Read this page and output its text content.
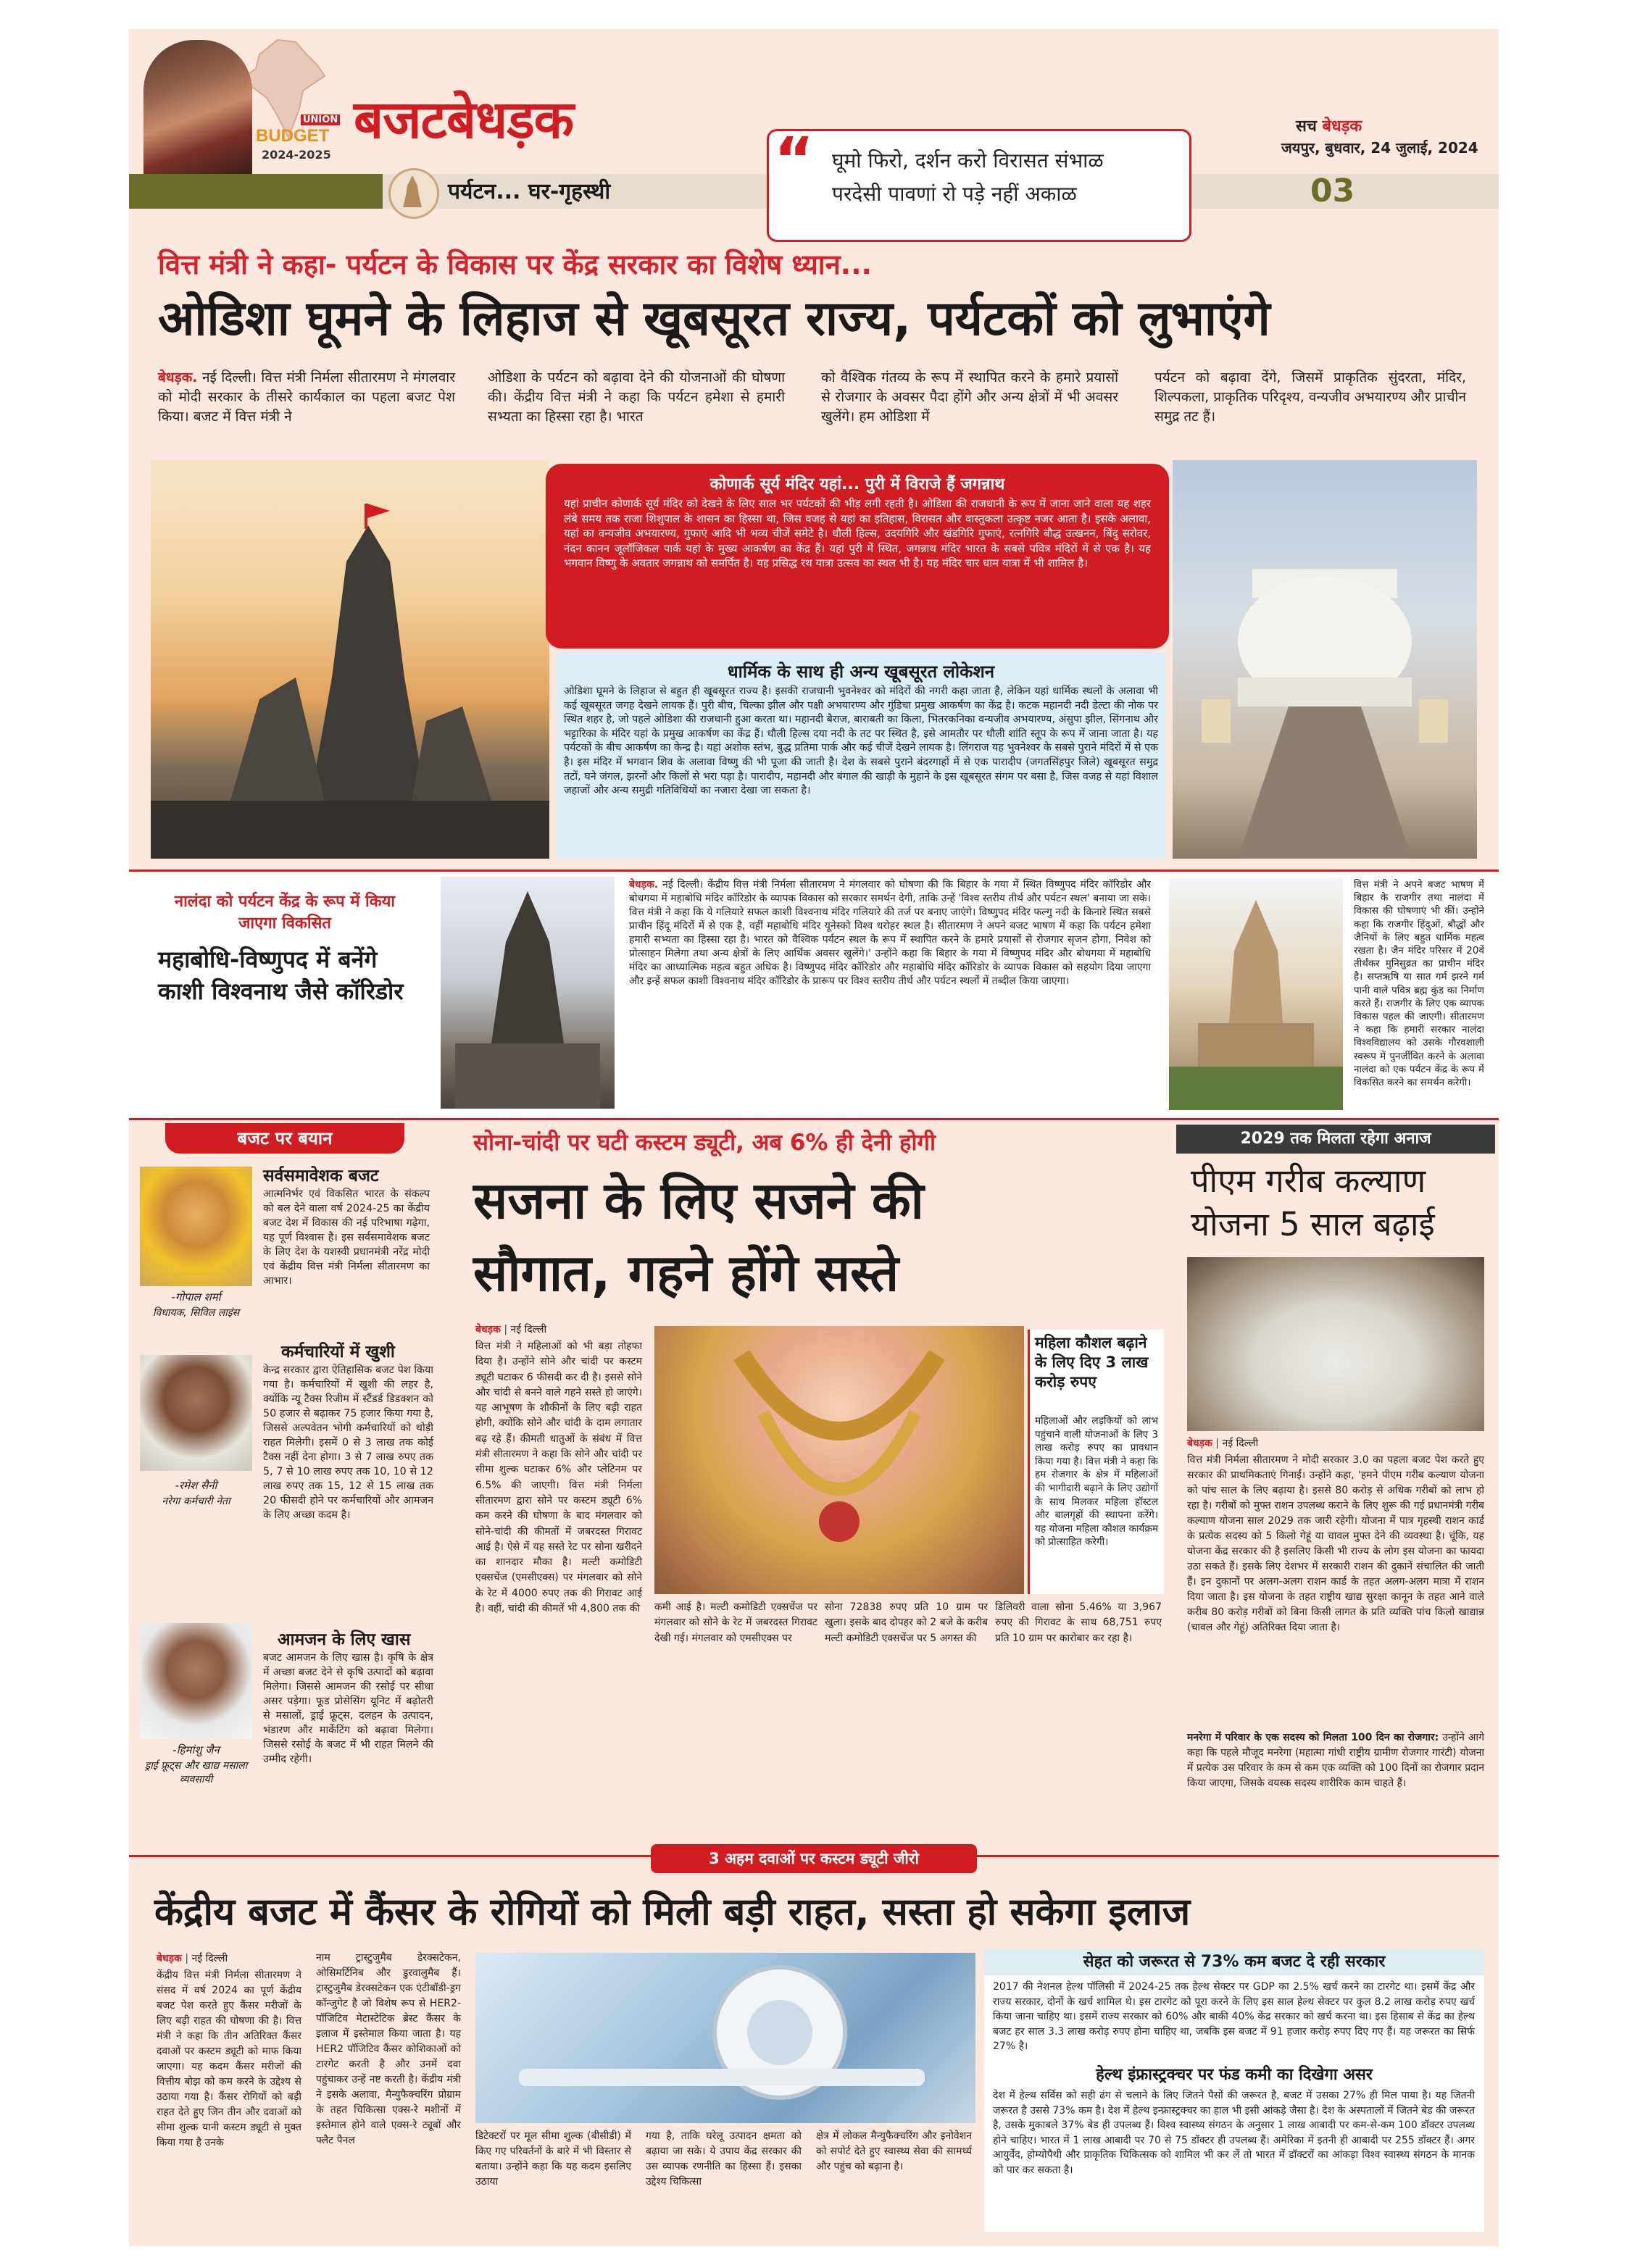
UNION
BUDGET
2024-2025
बजटबेधड़क
पर्यटन... घर-गृहस्थी	“ घूमो फिरो, दर्शन करो विरासत संभाळ
परदेसी पावणां रो पड़े नहीं अकाळ
सच बेधड़क
जयपुर, बुधवार, 24 जुलाई, 2024
03
वित्त मंत्री ने कहा- पर्यटन के विकास पर केंद्र सरकार का विशेष ध्यान...
ओडिशा घूमने के लिहाज से खूबसूरत राज्य, पर्यटकों को लुभाएंगे
बेधड़क. नई दिल्ली। वित्त मंत्री निर्मला सीतारमण ने मंगलवार को मोदी सरकार के तीसरे कार्यकाल का पहला बजट पेश किया। बजट में वित्त मंत्री ने
ओडिशा के पर्यटन को बढ़ावा देने की योजनाओं की घोषणा की। केंद्रीय वित्त मंत्री ने कहा कि पर्यटन हमेशा से हमारी सभ्यता का हिस्सा रहा है। भारत
को वैश्विक गंतव्य के रूप में स्थापित करने के हमारे प्रयासों से रोजगार के अवसर पैदा होंगे और अन्य क्षेत्रों में भी अवसर खुलेंगे। हम ओडिशा में
पर्यटन को बढ़ावा देंगे, जिसमें प्राकृतिक सुंदरता, मंदिर, शिल्पकला, प्राकृतिक परिदृश्य, वन्यजीव अभयारण्य और प्राचीन समुद्र तट हैं।
कोणार्क सूर्य मंदिर यहां... पुरी में विराजे हैं जगन्नाथ
यहां प्राचीन कोणार्क सूर्य मंदिर को देखने के लिए साल भर पर्यटकों की भीड़ लगी रहती है। ओडिशा की राजधानी के रूप में जाना जाने वाला यह शहर लंबे समय तक राजा शिशुपाल के शासन का हिस्सा था, जिस वजह से यहां का इतिहास, विरासत और वास्तुकला उत्कृष्ट नजर आता है। इसके अलावा, यहां का वन्यजीव अभयारण्य, गुफाएं आदि भी भव्य चीजें समेटे है। धौली हिल्स, उदयगिरि और खंडगिरि गुफाएं, रत्नगिरि बौद्ध उत्खनन, बिंदु सरोवर, नंदन कानन जूलॉजिकल पार्क यहां के मुख्य आकर्षण का केंद्र हैं। यहां पुरी में स्थित, जगन्नाथ मंदिर भारत के सबसे पवित्र मंदिरों में से एक है। यह भगवान विष्णु के अवतार जगन्नाथ को समर्पित है। यह प्रसिद्ध रथ यात्रा उत्सव का स्थल भी है। यह मंदिर चार धाम यात्रा में भी शामिल है।
धार्मिक के साथ ही अन्य खूबसूरत लोकेशन
ओडिशा घूमने के लिहाज से बहुत ही खूबसूरत राज्य है। इसकी राजधानी भुवनेश्वर को मंदिरों की नगरी कहा जाता है, लेकिन यहां धार्मिक स्थलों के अलावा भी कई खूबसूरत जगह देखने लायक हैं। पुरी बीच, चिल्का झील और पक्षी अभयारण्य और गुंडिचा प्रमुख आकर्षण का केंद्र है। कटक महानदी नदी डेल्टा की नोक पर स्थित शहर है, जो पहले ओडिशा की राजधानी हुआ करता था। महानदी बैराज, बाराबती का किला, भितरकनिका वन्यजीव अभयारण्य, अंसुपा झील, सिंगनाथ और भट्टारिका के मंदिर यहां के प्रमुख आकर्षण का केंद्र हैं। धौली हिल्स दया नदी के तट पर स्थित है, इसे आमतौर पर धौली शांति स्तूप के रूप में जाना जाता है। यह पर्यटकों के बीच आकर्षण का केन्द्र है। यहां अशोक स्तंभ, बुद्ध प्रतिमा पार्क और कई चीजें देखने लायक है। लिंगराज यह भुवनेश्वर के सबसे पुराने मंदिरों में से एक है। इस मंदिर में भगवान शिव के अलावा विष्णु की भी पूजा की जाती है। देश के सबसे पुराने बंदरगाहों में से एक पारादीप (जगतसिंहपुर जिले) खूबसूरत समुद्र तटों, घने जंगल, झरनों और किलों से भरा पड़ा है। पारादीप, महानदी और बंगाल की खाड़ी के मुहाने के इस खूबसूरत संगम पर बसा है, जिस वजह से यहां विशाल जहाजों और अन्य समुद्री गतिविधियों का नजारा देखा जा सकता है।
नालंदा को पर्यटन केंद्र के रूप में किया जाएगा विकसित
महाबोधि-विष्णुपद में बनेंगे काशी विश्वनाथ जैसे कॉरिडोर
बेधड़क. नई दिल्ली। केंद्रीय वित्त मंत्री निर्मला सीतारमण ने मंगलवार को घोषणा की कि बिहार के गया में स्थित विष्णुपद मंदिर कॉरिडोर और बोधगया में महाबोधि मंदिर कॉरिडोर के व्यापक विकास को सरकार समर्थन देगी, ताकि उन्हें 'विश्व स्तरीय तीर्थ और पर्यटन स्थल' बनाया जा सके। वित्त मंत्री ने कहा कि ये गलियारे सफल काशी विश्वनाथ मंदिर गलियारे की तर्ज पर बनाए जाएंगे। विष्णुपद मंदिर फल्गु नदी के किनारे स्थित सबसे प्राचीन हिंदू मंदिरों में से एक है, वहीं महाबोधि मंदिर यूनेस्को विश्व धरोहर स्थल है। सीतारमण ने अपने बजट भाषण में कहा कि पर्यटन हमेशा हमारी सभ्यता का हिस्सा रहा है। भारत को वैश्विक पर्यटन स्थल के रूप में स्थापित करने के हमारे प्रयासों से रोजगार सृजन होगा, निवेश को प्रोत्साहन मिलेगा तथा अन्य क्षेत्रों के लिए आर्थिक अवसर खुलेंगे।' उन्होंने कहा कि बिहार के गया में विष्णुपद मंदिर और बोधगया में महाबोधि मंदिर का आध्यात्मिक महत्व बहुत अधिक है। विष्णुपद मंदिर कॉरिडोर और महाबोधि मंदिर कॉरिडोर के व्यापक विकास को सहयोग दिया जाएगा और इन्हें सफल काशी विश्वनाथ मंदिर कॉरिडोर के प्रारूप पर विश्व स्तरीय तीर्थ और पर्यटन स्थलों में तब्दील किया जाएगा।
वित्त मंत्री ने अपने बजट भाषण में बिहार के राजगीर तथा नालंदा में विकास की घोषणाएं भी कीं। उन्होंने कहा कि राजगीर हिंदुओं, बौद्धों और जैनियों के लिए बहुत धार्मिक महत्व रखता है। जैन मंदिर परिसर में 20वें तीर्थंकर मुनिसुव्रत का प्राचीन मंदिर है। सप्तऋषि या सात गर्म झरने गर्म पानी वाले पवित्र ब्रह्म कुंड का निर्माण करते हैं। राजगीर के लिए एक व्यापक विकास पहल की जाएगी। सीतारमण ने कहा कि हमारी सरकार नालंदा विश्वविद्यालय को उसके गौरवशाली स्वरूप में पुनर्जीवित करने के अलावा नालंदा को एक पर्यटन केंद्र के रूप में विकसित करने का समर्थन करेगी।
बजट पर बयान
सर्वसमावेशक बजट
आत्मनिर्भर एवं विकसित भारत के संकल्प को बल देने वाला वर्ष 2024-25 का केंद्रीय बजट देश में विकास की नई परिभाषा गढ़ेगा, यह पूर्ण विश्वास है। इस सर्वसमावेशक बजट के लिए देश के यशस्वी प्रधानमंत्री नरेंद्र मोदी एवं केंद्रीय वित्त मंत्री निर्मला सीतारमण का आभार।
-गोपाल शर्मा
विधायक, सिविल लाइंस
कर्मचारियों में खुशी
केन्द्र सरकार द्वारा ऐतिहासिक बजट पेश किया गया है। कर्मचारियों में खुशी की लहर है, क्योंकि न्यू टैक्स रिजीम में स्टैंडर्ड डिडक्शन को 50 हजार से बढ़ाकर 75 हजार किया गया है, जिससे अल्पवेतन भोगी कर्मचारियों को थोड़ी राहत मिलेगी। इसमें 0 से 3 लाख तक कोई टैक्स नहीं देना होगा। 3 से 7 लाख रुपए तक 5, 7 से 10 लाख रुपए तक 10, 10 से 12 लाख रुपए तक 15, 12 से 15 लाख तक 20 फीसदी होने पर कर्मचारियों और आमजन के लिए अच्छा कदम है।
-रमेश सैनी
नरेगा कर्मचारी नेता
आमजन के लिए खास
बजट आमजन के लिए खास है। कृषि के क्षेत्र में अच्छा बजट देने से कृषि उत्पादों को बढ़ावा मिलेगा। जिससे आमजन की रसोई पर सीधा असर पड़ेगा। फूड प्रोसेसिंग यूनिट में बढ़ोतरी से मसालों, ड्राई फ्रूट्स, दलहन के उत्पादन, भंडारण और मार्केटिंग को बढ़ावा मिलेगा। जिससे रसोई के बजट में भी राहत मिलने की उम्मीद रहेगी।
-हिमांशु जैन
ड्राई फ्रूट्स और खाद्य मसाला व्यवसायी
सोना-चांदी पर घटी कस्टम ड्यूटी, अब 6% ही देनी होगी
सजना के लिए सजने की
सौगात, गहने होंगे सस्ते
बेधड़क | नई दिल्ली
वित्त मंत्री ने महिलाओं को भी बड़ा तोहफा दिया है। उन्होंने सोने और चांदी पर कस्टम ड्यूटी घटाकर 6 फीसदी कर दी है। इससे सोने और चांदी से बनने वाले गहने सस्ते हो जाएंगे। यह आभूषण के शौकीनों के लिए बड़ी राहत होगी, क्योंकि सोने और चांदी के दाम लगातार बढ़ रहे हैं। कीमती धातुओं के संबंध में वित्त मंत्री सीतारमण ने कहा कि सोने और चांदी पर सीमा शुल्क घटाकर 6% और प्लेटिनम पर 6.5% की जाएगी। वित्त मंत्री निर्मला सीतारमण द्वारा सोने पर कस्टम ड्यूटी 6% कम करने की घोषणा के बाद मंगलवार को सोने-चांदी की कीमतों में जबरदस्त गिरावट आई है। ऐसे में यह सस्ते रेट पर सोना खरीदने का शानदार मौका है। मल्टी कमोडिटी एक्सचेंज (एमसीएक्स) पर मंगलवार को सोने के रेट में 4000 रुपए तक की गिरावट आई है। वहीं, चांदी की कीमतें भी 4,800 तक की
महिला कौशल बढ़ाने के लिए दिए 3 लाख करोड़ रुपए
महिलाओं और लड़कियों को लाभ पहुंचाने वाली योजनाओं के लिए 3 लाख करोड़ रुपए का प्रावधान किया गया है। वित्त मंत्री ने कहा कि हम रोजगार के क्षेत्र में महिलाओं की भागीदारी बढ़ाने के लिए उद्योगों के साथ मिलकर महिला हॉस्टल और बालगृहों की स्थापना करेंगे। यह योजना महिला कौशल कार्यक्रम को प्रोत्साहित करेगी।
कमी आई है। मल्टी कमोडिटी एक्सचेंज पर मंगलवार को सोने के रेट में जबरदस्त गिरावट देखी गई। मंगलवार को एमसीएक्स पर
सोना 72838 रुपए प्रति 10 ग्राम पर खुला। इसके बाद दोपहर को 2 बजे के करीब मल्टी कमोडिटी एक्सचेंज पर 5 अगस्त की
डिलिवरी वाला सोना 5.46% या 3,967 रुपए की गिरावट के साथ 68,751 रुपए प्रति 10 ग्राम पर कारोबार कर रहा है।
2029 तक मिलता रहेगा अनाज
पीएम गरीब कल्याण योजना 5 साल बढ़ाई
बेधड़क | नई दिल्ली
वित्त मंत्री निर्मला सीतारमण ने मोदी सरकार 3.0 का पहला बजट पेश करते हुए सरकार की प्राथमिकताएं गिनाईं। उन्होंने कहा, 'हमने पीएम गरीब कल्याण योजना को पांच साल के लिए बढ़ाया है। इससे 80 करोड़ से अधिक गरीबों को लाभ हो रहा है। गरीबों को मुफ्त राशन उपलब्ध कराने के लिए शुरू की गई प्रधानमंत्री गरीब कल्याण योजना साल 2029 तक जारी रहेगी। योजना में पात्र गृहस्थी राशन कार्ड के प्रत्येक सदस्य को 5 किलो गेहूं या चावल मुफ्त देने की व्यवस्था है। चूंकि, यह योजना केंद्र सरकार की है इसलिए किसी भी राज्य के लोग इस योजना का फायदा उठा सकते हैं। इसके लिए देशभर में सरकारी राशन की दुकानें संचालित की जाती हैं। इन दुकानों पर अलग-अलग राशन कार्ड के तहत अलग-अलग मात्रा में राशन दिया जाता है। इस योजना के तहत राष्ट्रीय खाद्य सुरक्षा कानून के तहत आने वाले करीब 80 करोड़ गरीबों को बिना किसी लागत के प्रति व्यक्ति पांच किलो खाद्यान्न (चावल और गेहूं) अतिरिक्त दिया जाता है।
मनरेगा में परिवार के एक सदस्य को मिलता 100 दिन का रोजगार: उन्होंने आगे कहा कि पहले मौजूद मनरेगा (महात्मा गांधी राष्ट्रीय ग्रामीण रोजगार गारंटी) योजना में प्रत्येक उस परिवार के कम से कम एक व्यक्ति को 100 दिनों का रोजगार प्रदान किया जाएगा, जिसके वयस्क सदस्य शारीरिक काम चाहते हैं।
3 अहम दवाओं पर कस्टम ड्यूटी जीरो
केंद्रीय बजट में कैंसर के रोगियों को मिली बड़ी राहत, सस्ता हो सकेगा इलाज
बेधड़क | नई दिल्ली
केंद्रीय वित्त मंत्री निर्मला सीतारमण ने संसद में वर्ष 2024 का पूर्ण केंद्रीय बजट पेश करते हुए कैंसर मरीजों के लिए बड़ी राहत की घोषणा की है। वित्त मंत्री ने कहा कि तीन अतिरिक्त कैंसर दवाओं पर कस्टम ड्यूटी को माफ किया जाएगा। यह कदम कैंसर मरीजों की वित्तीय बोझ को कम करने के उद्देश्य से उठाया गया है। कैंसर रोगियों को बड़ी राहत देते हुए जिन तीन और दवाओं को सीमा शुल्क यानी कस्टम ड्यूटी से मुक्त किया गया है उनके
नाम ट्रास्टुजुमैब डेरक्सटेकन, ओसिमर्टिनिब और डुरवालुमैब हैं। ट्रास्टुजुमैब डेरक्सटेकन एक एंटीबॉडी-ड्रग कॉन्जुगेट है जो विशेष रूप से HER2-पॉजिटिव मेटास्टेटिक ब्रेस्ट कैंसर के इलाज में इस्तेमाल किया जाता है। यह HER2 पॉजिटिव कैंसर कोशिकाओं को टारगेट करती है और उनमें दवा पहुंचाकर उन्हें नष्ट करती है। केंद्रीय मंत्री ने इसके अलावा, मैन्युफैक्चरिंग प्रोग्राम के तहत चिकित्सा एक्स-रे मशीनों में इस्तेमाल होने वाले एक्स-रे ट्यूबों और फ्लैट पैनल	डिटेक्टरों पर मूल सीमा शुल्क (बीसीडी) में किए गए परिवर्तनों के बारे में भी विस्तार से बताया। उन्होंने कहा कि यह कदम इसलिए उठाया
गया है, ताकि घरेलू उत्पादन क्षमता को बढ़ाया जा सके। ये उपाय केंद्र सरकार की उस व्यापक रणनीति का हिस्सा हैं। इसका उद्देश्य चिकित्सा
क्षेत्र में लोकल मैन्युफैक्चरिंग और इनोवेशन को सपोर्ट देते हुए स्वास्थ्य सेवा की सामर्थ्य और पहुंच को बढ़ाना है।
सेहत को जरूरत से 73% कम बजट दे रही सरकार
2017 की नेशनल हेल्थ पॉलिसी में 2024-25 तक हेल्थ सेक्टर पर GDP का 2.5% खर्च करने का टारगेट था। इसमें केंद्र और राज्य सरकार, दोनों के खर्च शामिल थे। इस टारगेट को पूरा करने के लिए इस साल हेल्थ सेक्टर पर कुल 8.2 लाख करोड़ रुपए खर्च किया जाना चाहिए था। इसमें राज्य सरकार को 60% और बाकी 40% केंद्र सरकार को खर्च करना था। इस हिसाब से केंद्र का हेल्थ बजट हर साल 3.3 लाख करोड़ रुपए होना चाहिए था, जबकि इस बजट में 91 हजार करोड़ रुपए दिए गए हैं। यह जरूरत का सिर्फ 27% है।
हेल्थ इंफ्रास्ट्रक्चर पर फंड कमी का दिखेगा असर
देश में हेल्थ सर्विस को सही ढंग से चलाने के लिए जितने पैसों की जरूरत है, बजट में उसका 27% ही मिल पाया है। यह जितनी जरूरत है उससे 73% कम है। देश में हेल्थ इन्फ्रास्ट्रक्चर का हाल भी इसी आंकड़े जैसा है। देश के अस्पतालों में जितने बेड की जरूरत है, उसके मुकाबले 37% बेड ही उपलब्ध हैं। विश्व स्वास्थ्य संगठन के अनुसार 1 लाख आबादी पर कम-से-कम 100 डॉक्टर उपलब्ध होने चाहिए। भारत में 1 लाख आबादी पर 70 से 75 डॉक्टर ही उपलब्ध हैं। अमेरिका में इतनी ही आबादी पर 255 डॉक्टर हैं। अगर आयुर्वेद, होम्योपैथी और प्राकृतिक चिकित्सक को शामिल भी कर लें तो भारत में डॉक्टरों का आंकड़ा विश्व स्वास्थ्य संगठन के मानक को पार कर सकता है।
